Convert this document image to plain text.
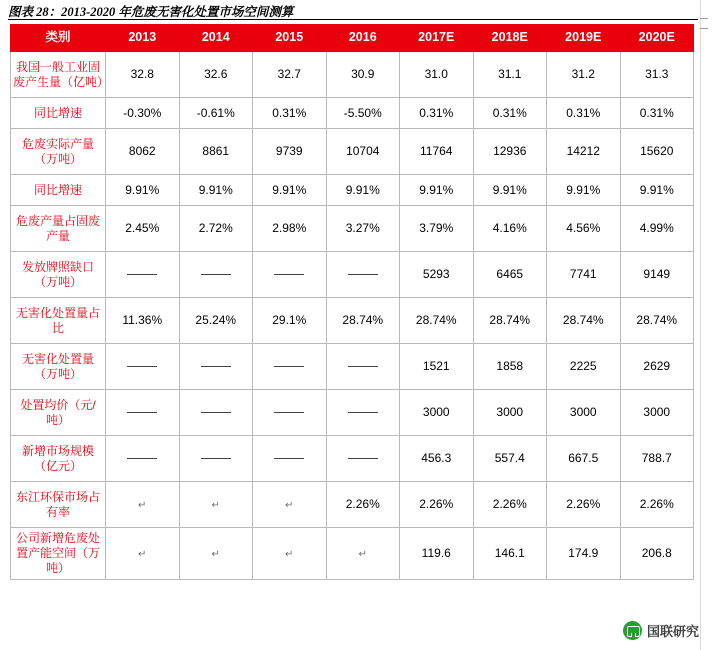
图表 28：2013-2020 年危废无害化处置市场空间测算
类别	2013	2014	2015	2016	2017E	2018E	2019E	2020E
我国一般工业固废产生量（亿吨）	32.8	32.6	32.7	30.9	31.0	31.1	31.2	31.3
同比增速	-0.30%	-0.61%	0.31%	-5.50%	0.31%	0.31%	0.31%	0.31%
危废实际产量（万吨）	8062	8861	9739	10704	11764	12936	14212	15620
同比增速	9.91%	9.91%	9.91%	9.91%	9.91%	9.91%	9.91%	9.91%
危废产量占固废产量	2.45%	2.72%	2.98%	3.27%	3.79%	4.16%	4.56%	4.99%
发放牌照缺口（万吨）					5293	6465	7741	9149
无害化处置量占比	11.36%	25.24%	29.1%	28.74%	28.74%	28.74%	28.74%	28.74%
无害化处置量（万吨）					1521	1858	2225	2629
处置均价（元/吨）					3000	3000	3000	3000
新增市场规模（亿元）					456.3	557.4	667.5	788.7
东江环保市场占有率	↵	↵	↵	2.26%	2.26%	2.26%	2.26%	2.26%
公司新增危废处置产能空间（万吨）	↵	↵	↵	↵	119.6	146.1	174.9	206.8
国联研究
